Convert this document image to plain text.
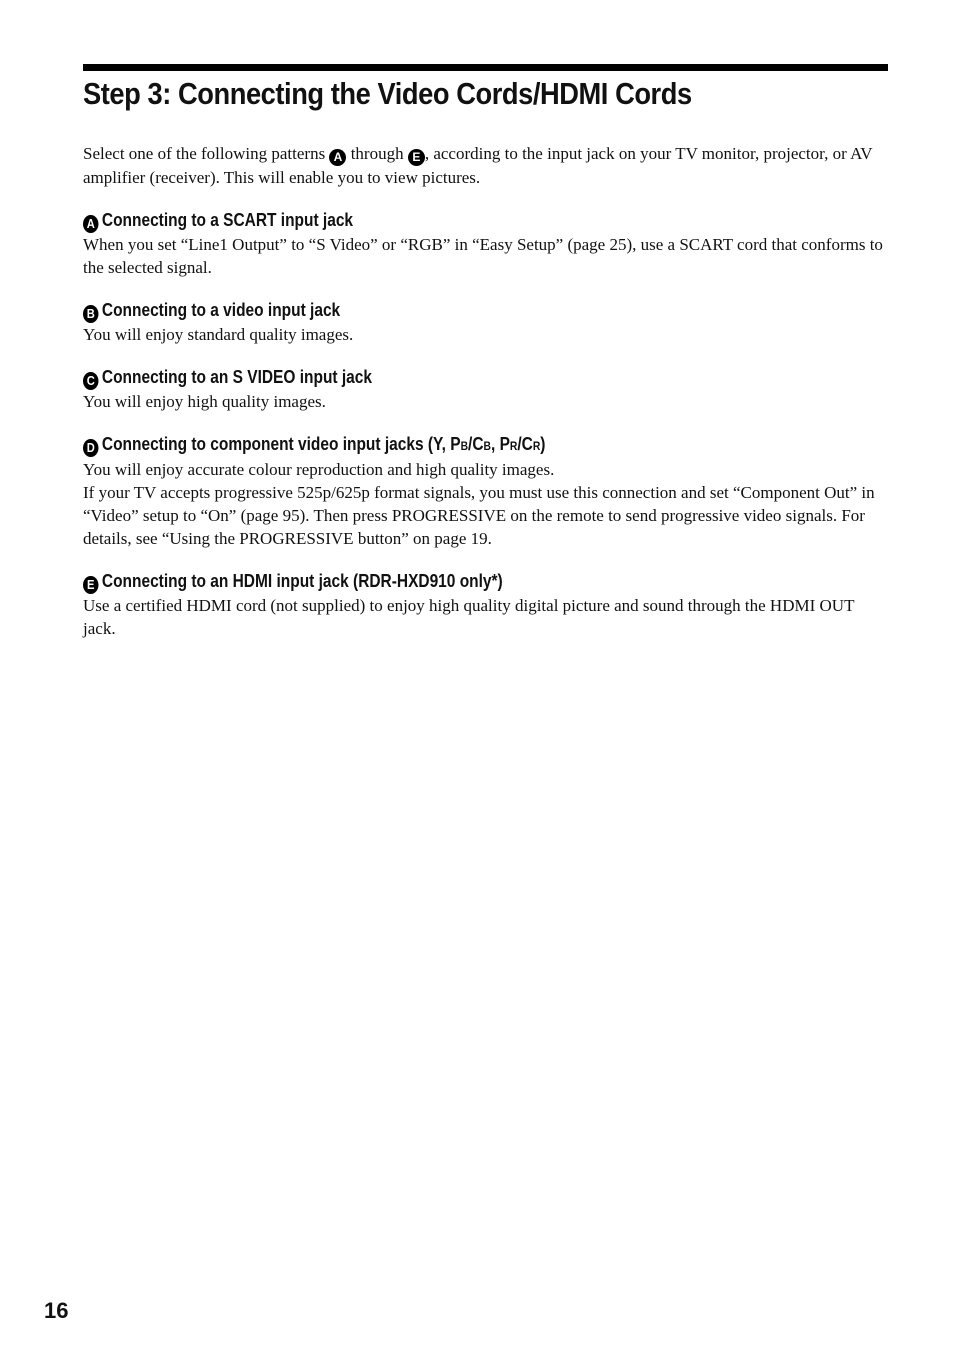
Step 3: Connecting the Video Cords/HDMI Cords

Select one of the following patterns A through E , according to the input jack on your TV monitor, projector, or AV amplifier (receiver). This will enable you to view pictures.

A Connecting to a SCART input jack

When you set “Line1 Output” to “S Video” or “RGB” in “Easy Setup” (page 25), use a SCART cord that conforms to the selected signal.

B Connecting to a video input jack

You will enjoy standard quality images.

C Connecting to an S VIDEO input jack

You will enjoy high quality images.

D Connecting to component video input jacks (Y, PB/CB, PR/CR)

You will enjoy accurate colour reproduction and high quality images.

If your TV accepts progressive 525p/625p format signals, you must use this connection and set “Component Out” in “Video” setup to “On” (page 95). Then press PROGRESSIVE on the remote to send progressive video signals. For details, see “Using the PROGRESSIVE button” on page 19.

E Connecting to an HDMI input jack (RDR-HXD910 only*)

Use a certified HDMI cord (not supplied) to enjoy high quality digital picture and sound through the HDMI OUT jack.

16
